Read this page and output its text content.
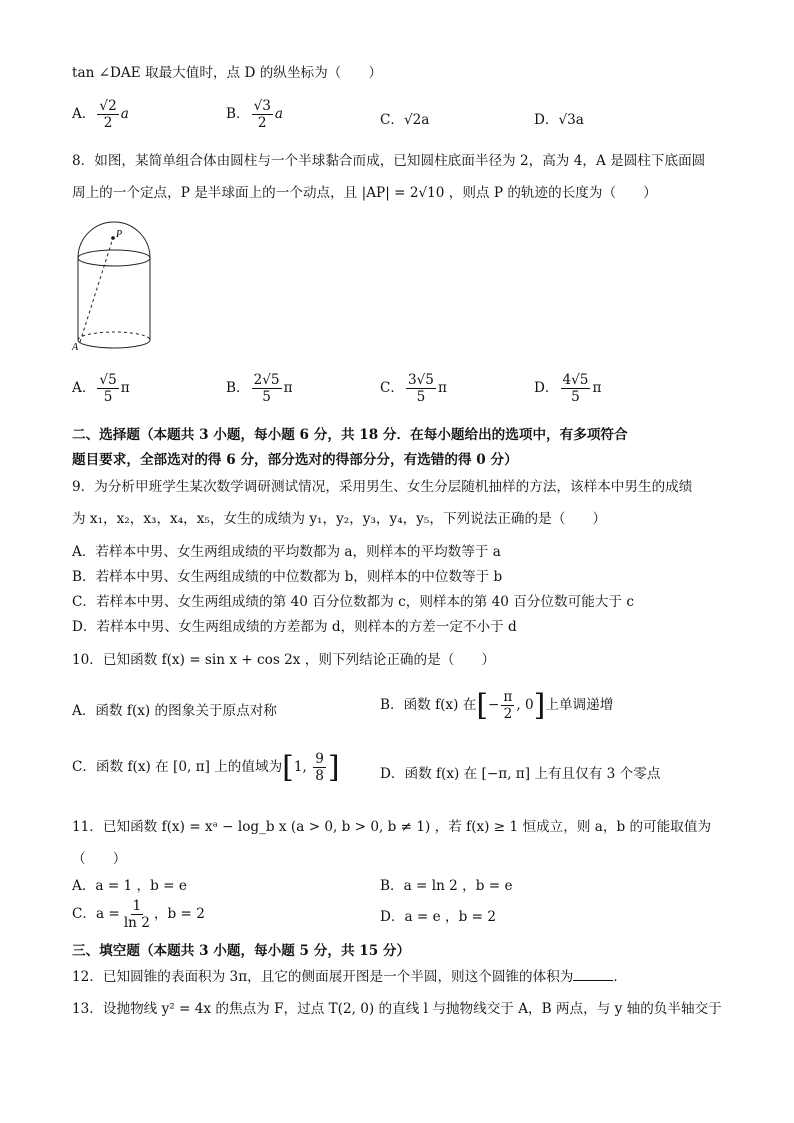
tan ∠DAE 取最大值时，点 D 的纵坐标为（　　）
A． $\frac{√2}{2}$ a	B． $\frac{√3}{2}$ a	C．√2a	D．√3a
8．如图，某简单组合体由圆柱与一个半球黏合而成，已知圆柱底面半径为 2，高为 4，A 是圆柱下底面圆
周上的一个定点，P 是半球面上的一个动点，且 |AP| = 2√10 ，则点 P 的轨迹的长度为（　　）
P
A
A． $\frac{√5}{5}$ π	B． $\frac{2√5}{5}$ π	C． $\frac{3√5}{5}$ π	D． $\frac{4√5}{5}$ π
二、选择题（本题共 3 小题，每小题 6 分，共 18 分．在每小题给出的选项中，有多项符合
题目要求，全部选对的得 6 分，部分选对的得部分分，有选错的得 0 分）
9．为分析甲班学生某次数学调研测试情况，采用男生、女生分层随机抽样的方法，该样本中男生的成绩
为 x₁，x₂，x₃，x₄，x₅，女生的成绩为 y₁，y₂，y₃，y₄，y₅，下列说法正确的是（　　）
A．若样本中男、女生两组成绩的平均数都为 a，则样本的平均数等于 a
B．若样本中男、女生两组成绩的中位数都为 b，则样本的中位数等于 b
C．若样本中男、女生两组成绩的第 40 百分位数都为 c，则样本的第 40 百分位数可能大于 c
D．若样本中男、女生两组成绩的方差都为 d，则样本的方差一定不小于 d
10．已知函数 f(x) = sin x + cos 2x ，则下列结论正确的是（　　）
A．函数 f(x) 的图象关于原点对称	B．函数 f(x) 在[− $\frac{\pi}{2}$ , 0]上单调递增
C．函数 f(x) 在 [0, π] 上的值域为[1, $\frac{9}{8}$ ]	D．函数 f(x) 在 [−π, π] 上有且仅有 3 个零点
11．已知函数 f(x) = xᵃ − log_b x (a > 0, b > 0, b ≠ 1) ，若 f(x) ≥ 1 恒成立，则 a，b 的可能取值为
（　　）
A．a = 1 ，b = e	B．a = ln 2 ，b = e
C．$a = \frac{1}{\ln 2}$ ，b = 2	D．a = e ，b = 2
三、填空题（本题共 3 小题，每小题 5 分，共 15 分）
12．已知圆锥的表面积为 3π，且它的侧面展开图是一个半圆，则这个圆锥的体积为	．
13．设抛物线 y² = 4x 的焦点为 F，过点 T(2, 0) 的直线 l 与抛物线交于 A，B 两点，与 y 轴的负半轴交于
